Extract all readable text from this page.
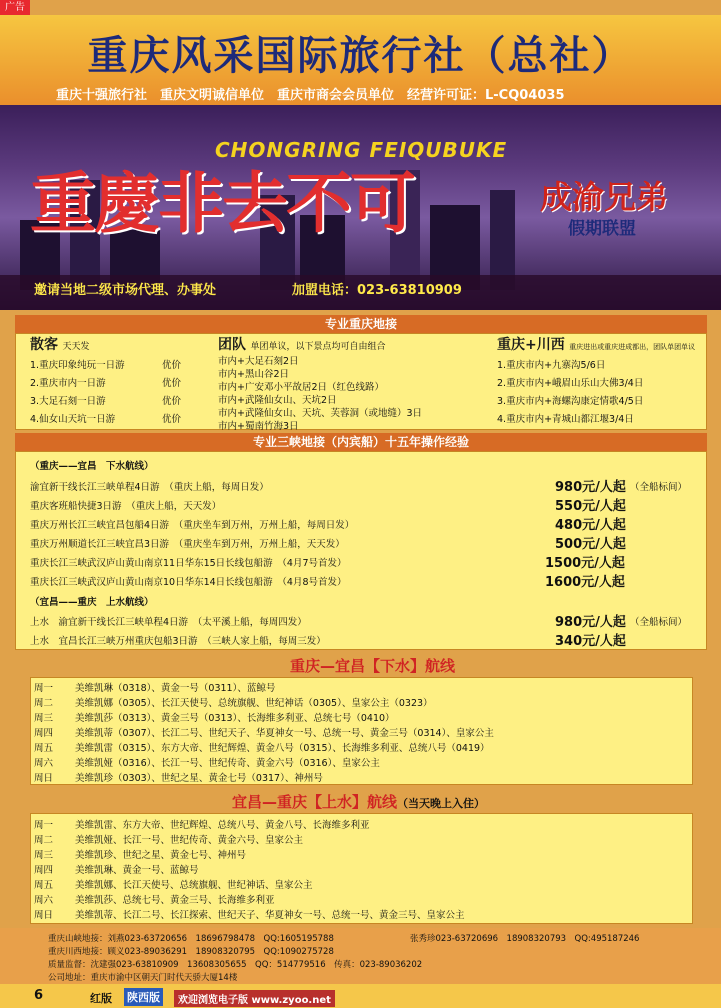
广告
重庆风采国际旅行社（总社）
重庆十强旅行社　重庆文明诚信单位　重庆市商会会员单位　经营许可证：L-CQ04035
CHONGRING FEIQUBUKE
重慶非去不可	成渝兄弟
假期联盟
邀请当地二级市场代理、办事处	加盟电话：023-63810909
专业重庆地接
散客 天天发
1.重庆印象纯玩一日游	优价
2.重庆市内一日游	优价
3.大足石刻一日游	优价
4.仙女山天坑一日游	优价
团队 单团单议，以下景点均可自由组合
市内+大足石刻2日
市内+黑山谷2日
市内+广安邓小平故居2日（红色线路）
市内+武隆仙女山、天坑2日
市内+武隆仙女山、天坑、芙蓉洞（或地缝）3日
市内+蜀南竹海3日
重庆+川西 重庆进出或重庆进成都出，团队单团单议
1.重庆市内+九寨沟5/6日
2.重庆市内+峨眉山乐山大佛3/4日
3.重庆市内+海螺沟康定情歌4/5日
4.重庆市内+青城山都江堰3/4日
专业三峡地接（内宾船）十五年操作经验
（重庆——宜昌　下水航线）
渝宜新干线长江三峡单程4日游　（重庆上船，每周日发）	980元/人起 （全船标间）
重庆客班船快捷3日游　（重庆上船，天天发）	550元/人起
重庆万州长江三峡宜昌包船4日游　（重庆坐车到万州，万州上船，每周日发）	480元/人起
重庆万州顺道长江三峡宜昌3日游　（重庆坐车到万州，万州上船，天天发）	500元/人起
重庆长江三峡武汉庐山黄山南京11日华东15日长线包船游　（4月7号首发）	1500元/人起
重庆长江三峡武汉庐山黄山南京10日华东14日长线包船游　（4月8号首发）	1600元/人起
（宜昌——重庆　上水航线）
上水　渝宜新干线长江三峡单程4日游　（太平溪上船，每周四发）	980元/人起 （全船标间）
上水　宜昌长江三峡万州重庆包船3日游　（三峡人家上船，每周三发）	340元/人起
重庆—宜昌【下水】航线
周一 美维凯琳（0318）、黄金一号（0311）、蓝鲸号
周二 美维凯娜（0305）、长江天使号、总统旗舰、世纪神话（0305）、皇家公主（0323）
周三 美维凯莎（0313）、黄金三号（0313）、长海维多利亚、总统七号（0410）
周四 美维凯蒂（0307）、长江二号、世纪天子、华夏神女一号、总统一号、黄金三号（0314）、皇家公主
周五 美维凯雷（0315）、东方大帝、世纪辉煌、黄金八号（0315）、长海维多利亚、总统八号（0419）
周六 美维凯娅（0316）、长江一号、世纪传奇、黄金六号（0316）、皇家公主
周日 美维凯珍（0303）、世纪之星、黄金七号（0317）、神州号
宜昌—重庆【上水】航线（当天晚上入住）
周一 美维凯雷、东方大帝、世纪辉煌、总统八号、黄金八号、长海维多利亚
周二 美维凯娅、长江一号、世纪传奇、黄金六号、皇家公主
周三 美维凯珍、世纪之星、黄金七号、神州号
周四 美维凯琳、黄金一号、蓝鲸号
周五 美维凯娜、长江天使号、总统旗舰、世纪神话、皇家公主
周六 美维凯莎、总统七号、黄金三号、长海维多利亚
周日 美维凯蒂、长江二号、长江探索、世纪天子、华夏神女一号、总统一号、黄金三号、皇家公主
重庆山峡地接：刘燕023-63720656　18696798478　QQ:1605195788	张秀珍023-63720696　18908320793　QQ:495187246
重庆川西地接：顾义023-89036291　18908320795　QQ:1090275728
质量监督：沈建强023-63810909　13608305655　QQ：514779516　传真：023-89036202
公司地址：重庆市渝中区朝天门时代天骄大厦14楼
6	红版 陕西版	欢迎浏览电子版 www.zyoo.net
